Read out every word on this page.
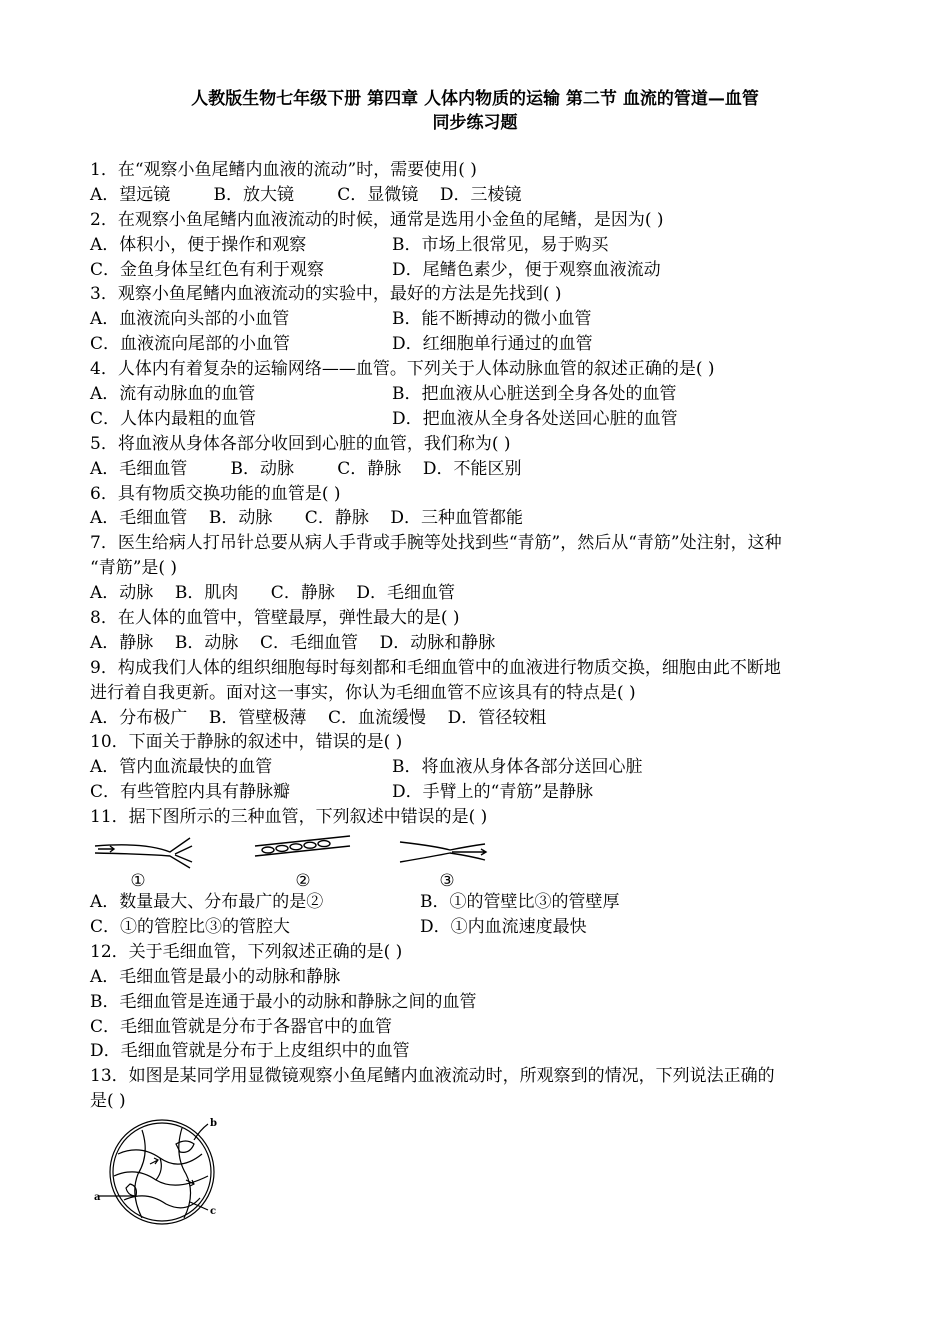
人教版生物七年级下册 第四章 人体内物质的运输 第二节 血流的管道—血管
同步练习题
1．在“观察小鱼尾鳍内血液的流动”时，需要使用( )
A．望远镜        B．放大镜        C．显微镜    D．三棱镜
2．在观察小鱼尾鳍内血液流动的时候，通常是选用小金鱼的尾鳍，是因为( )
A．体积小，便于操作和观察	B．市场上很常见，易于购买
C．金鱼身体呈红色有利于观察	D．尾鳍色素少，便于观察血液流动
3．观察小鱼尾鳍内血液流动的实验中，最好的方法是先找到( )
A．血液流向头部的小血管	B．能不断搏动的微小血管
C．血液流向尾部的小血管	D．红细胞单行通过的血管
4．人体内有着复杂的运输网络——血管。下列关于人体动脉血管的叙述正确的是( )
A．流有动脉血的血管	B．把血液从心脏送到全身各处的血管
C．人体内最粗的血管	D．把血液从全身各处送回心脏的血管
5．将血液从身体各部分收回到心脏的血管，我们称为( )
A．毛细血管        B．动脉        C．静脉    D．不能区别
6．具有物质交换功能的血管是( )
A．毛细血管    B．动脉      C．静脉    D．三种血管都能
7．医生给病人打吊针总要从病人手背或手腕等处找到些“青筋”，然后从“青筋”处注射，这种
“青筋”是( )
A．动脉    B．肌肉      C．静脉    D．毛细血管
8．在人体的血管中，管壁最厚，弹性最大的是( )
A．静脉    B．动脉    C．毛细血管    D．动脉和静脉
9．构成我们人体的组织细胞每时每刻都和毛细血管中的血液进行物质交换，细胞由此不断地
进行着自我更新。面对这一事实，你认为毛细血管不应该具有的特点是( )
A．分布极广    B．管壁极薄    C．血流缓慢    D．管径较粗
10．下面关于静脉的叙述中，错误的是( )
A．管内血流最快的血管	B．将血液从身体各部分送回心脏
C．有些管腔内具有静脉瓣	D．手臂上的“青筋”是静脉
11．据下图所示的三种血管，下列叙述中错误的是( )
①	②	③
A．数量最大、分布最广的是②	B．①的管壁比③的管壁厚
C．①的管腔比③的管腔大	D．①内血流速度最快
12．关于毛细血管，下列叙述正确的是( )
A．毛细血管是最小的动脉和静脉
B．毛细血管是连通于最小的动脉和静脉之间的血管
C．毛细血管就是分布于各器官中的血管
D．毛细血管就是分布于上皮组织中的血管
13．如图是某同学用显微镜观察小鱼尾鳍内血液流动时，所观察到的情况，下列说法正确的
是( )
a
b
c
